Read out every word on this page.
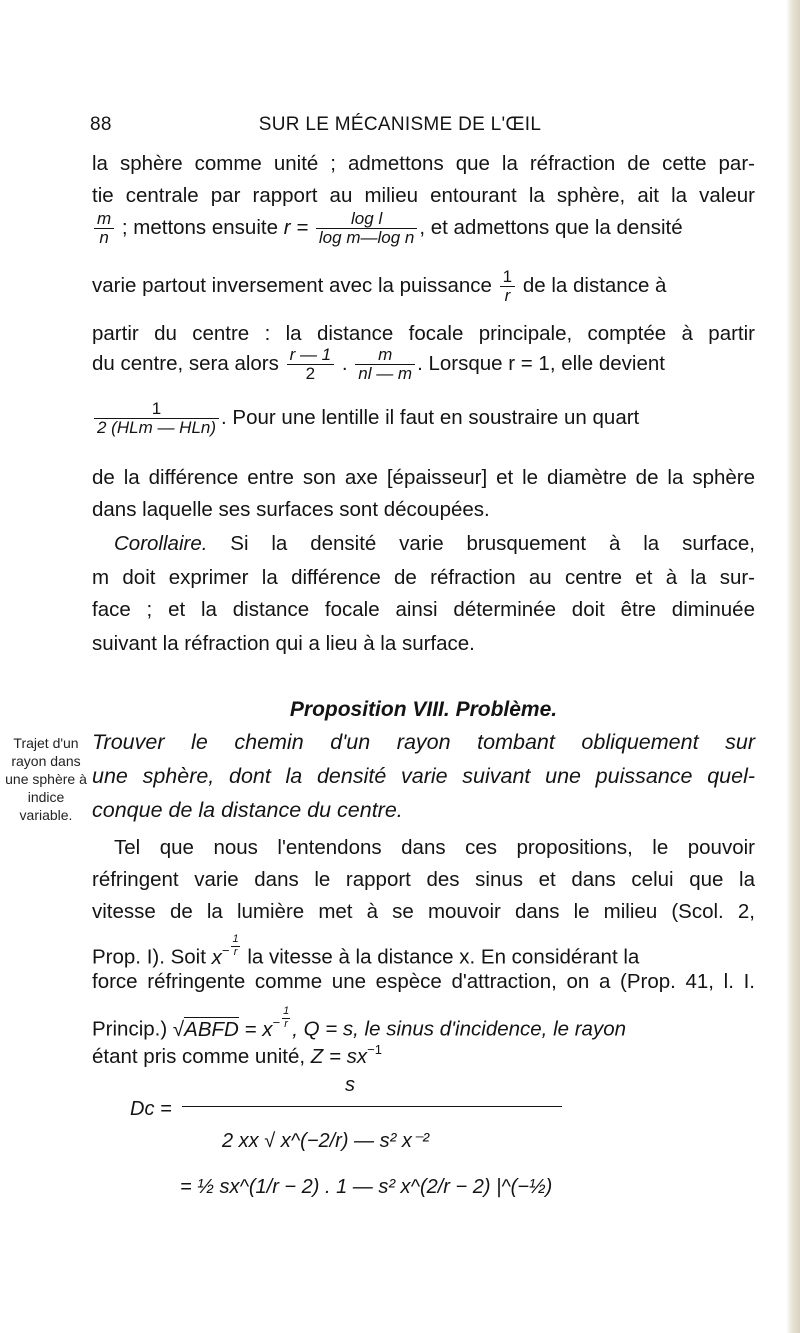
88	SUR LE MÉCANISME DE L'ŒIL
la sphère comme unité ; admettons que la réfraction de cette par-
tie centrale par rapport au milieu entourant la sphère, ait la valeur
$\frac{m}{n}$ ; mettons ensuite $r = \frac{\text{log l}}{\text{log m—log n}}$ , et admettons que la densité
varie partout inversement avec la puissance $\frac{1}{r}$ de la distance à
partir du centre : la distance focale principale, comptée à partir
du centre, sera alors $\frac{r — 1}{2}$ . $\frac{m}{nl — m}$ . Lorsque r = 1, elle devient
$\frac{1}{\text{2 (HLm — HLn)}}$ . Pour une lentille il faut en soustraire un quart
de la différence entre son axe [épaisseur] et le diamètre de la sphère
dans laquelle ses surfaces sont découpées.
Corollaire. Si la densité varie brusquement à la surface,
m doit exprimer la différence de réfraction au centre et à la sur-
face ; et la distance focale ainsi déterminée doit être diminuée
suivant la réfraction qui a lieu à la surface.
Proposition VIII. Problème.
Trajet d'un rayon dans une sphère à indice variable.
Trouver le chemin d'un rayon tombant obliquement sur
une sphère, dont la densité varie suivant une puissance quel-
conque de la distance du centre.
Tel que nous l'entendons dans ces propositions, le pouvoir
réfringent varie dans le rapport des sinus et dans celui que la
vitesse de la lumière met à se mouvoir dans le milieu (Scol. 2,
Prop. I). Soit $x^{- \frac{1}{r}}$ la vitesse à la distance x. En considérant la
force réfringente comme une espèce d'attraction, on a (Prop. 41, l. I.
Princip.) √ABFD = $x^{- \frac{1}{r}}$ , Q = s, le sinus d'incidence, le rayon
étant pris comme unité, $Z = sx^{-1}$
Dc =
s
2 xx √ x^(−2/r) — s² x⁻²
= ½ sx^(1/r − 2) . 1 — s² x^(2/r − 2) |^(−½)
